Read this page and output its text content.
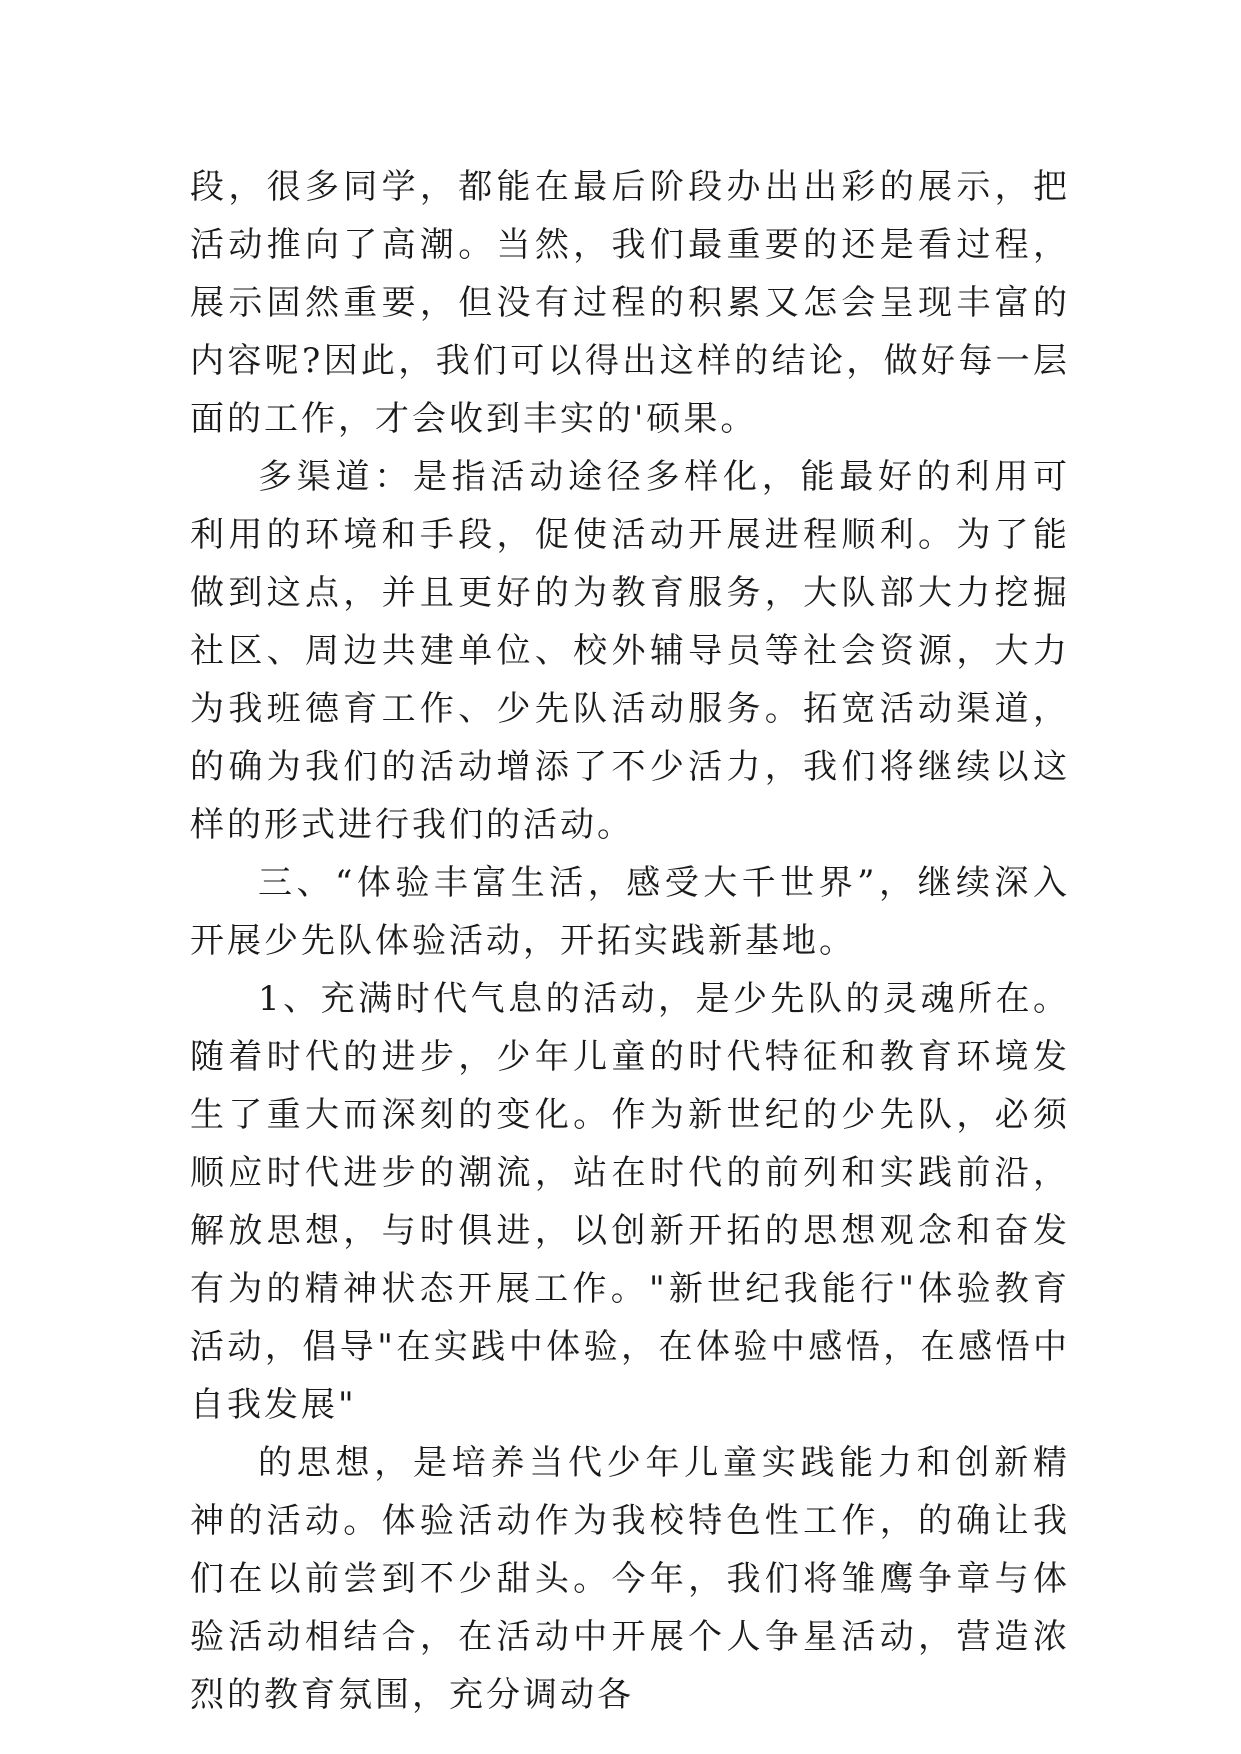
段，很多同学，都能在最后阶段办出出彩的展示，把活动推向了高潮。当然，我们最重要的还是看过程，展示固然重要，但没有过程的积累又怎会呈现丰富的内容呢?因此，我们可以得出这样的结论，做好每一层面的工作，才会收到丰实的'硕果。

多渠道：是指活动途径多样化，能最好的利用可利用的环境和手段，促使活动开展进程顺利。为了能做到这点，并且更好的为教育服务，大队部大力挖掘社区、周边共建单位、校外辅导员等社会资源，大力为我班德育工作、少先队活动服务。拓宽活动渠道，的确为我们的活动增添了不少活力，我们将继续以这样的形式进行我们的活动。

三、“体验丰富生活，感受大千世界”，继续深入开展少先队体验活动，开拓实践新基地。

1、充满时代气息的活动，是少先队的灵魂所在。随着时代的进步，少年儿童的时代特征和教育环境发生了重大而深刻的变化。作为新世纪的少先队，必须顺应时代进步的潮流，站在时代的前列和实践前沿，解放思想，与时俱进，以创新开拓的思想观念和奋发有为的精神状态开展工作。"新世纪我能行"体验教育活动，倡导"在实践中体验，在体验中感悟，在感悟中自我发展"

的思想，是培养当代少年儿童实践能力和创新精神的活动。体验活动作为我校特色性工作，的确让我们在以前尝到不少甜头。今年，我们将雏鹰争章与体验活动相结合，在活动中开展个人争星活动，营造浓烈的教育氛围，充分调动各
